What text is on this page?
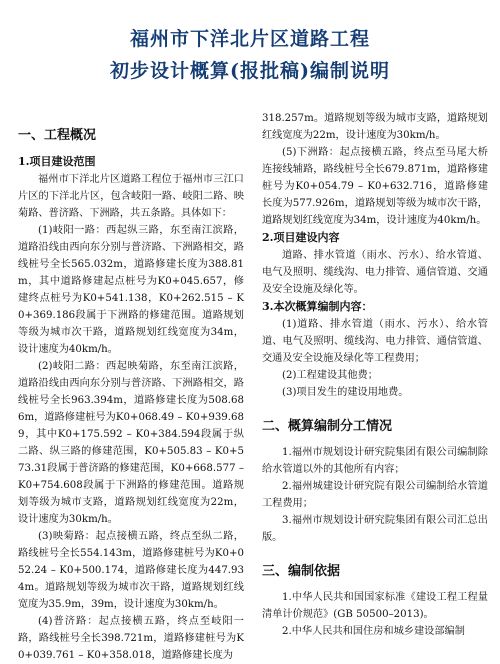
福州市下洋北片区道路工程
初步设计概算(报批稿)编制说明
一、工程概况
1.项目建设范围

福州市下洋北片区道路工程位于福州市三江口片区的下洋北片区，包含岐阳一路、岐阳二路、映菊路、普济路、下洲路，共五条路。具体如下：

(1)岐阳一路：西起纵三路，东至南江滨路，道路沿线由西向东分别与普济路、下洲路相交，路线桩号全长565.032m，道路修建长度为388.81m，其中道路修建起点桩号为K0+045.657，修建终点桩号为K0+541.138，K0+262.515 – K0+369.186段属于下洲路的修建范围。道路规划等级为城市次干路，道路规划红线宽度为34m，设计速度为40km/h。

(2)岐阳二路：西起映菊路，东至南江滨路，道路沿线由西向东分别与普济路、下洲路相交，路线桩号全长963.394m，道路修建长度为508.686m，道路修建桩号为K0+068.49 – K0+939.689，其中K0+175.592 – K0+384.594段属于纵二路、纵三路的修建范围，K0+505.83 – K0+573.31段属于普济路的修建范围，K0+668.577 – K0+754.608段属于下洲路的修建范围。道路规划等级为城市支路，道路规划红线宽度为22m，设计速度为30km/h。

(3)映菊路：起点接横五路，终点至纵二路，路线桩号全长554.143m，道路修建桩号为K0+052.24 – K0+500.174，道路修建长度为447.934m。道路规划等级为城市次干路，道路规划红线宽度为35.9m，39m，设计速度为30km/h。

(4)普济路：起点接横五路，终点至岐阳一路，路线桩号全长398.721m，道路修建桩号为K0+039.761 – K0+358.018，道路修建长度为

318.257m。道路规划等级为城市支路，道路规划红线宽度为22m，设计速度为30km/h。

(5)下洲路：起点接横五路，终点至马尾大桥连接线辅路，路线桩号全长679.871m，道路修建桩号为K0+054.79 – K0+632.716，道路修建长度为577.926m，道路规划等级为城市次干路，道路规划红线宽度为34m，设计速度为40km/h。

2.项目建设内容

道路、排水管道（雨水、污水）、给水管道、电气及照明、缆线沟、电力排管、通信管道、交通及安全设施及绿化等。

3.本次概算编制内容：

(1)道路、排水管道（雨水、污水）、给水管道、电气及照明、缆线沟、电力排管、通信管道、交通及安全设施及绿化等工程费用；

(2)工程建设其他费；

(3)项目发生的建设用地费。

二、概算编制分工情况

1.福州市规划设计研究院集团有限公司编制除给水管道以外的其他所有内容；

2.福州城建设计研究院有限公司编制给水管道工程费用；

3.福州市规划设计研究院集团有限公司汇总出版。

三、编制依据

1.中华人民共和国国家标准《建设工程工程量清单计价规范》(GB 50500–2013)。

2.中华人民共和国住房和城乡建设部编制
